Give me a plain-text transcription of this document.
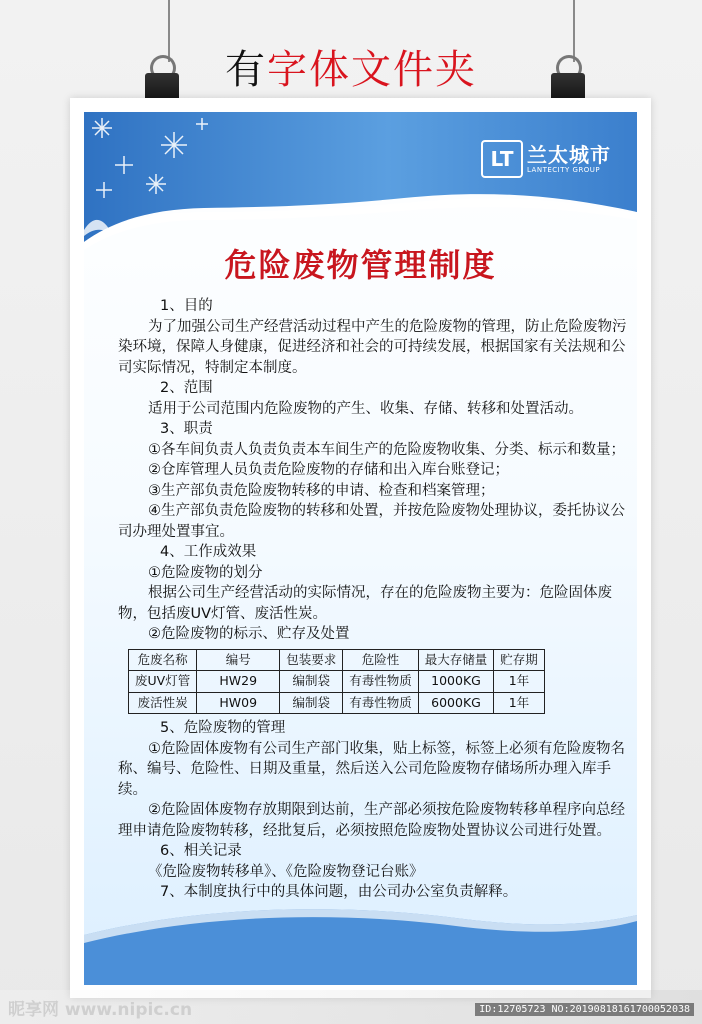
有字体文件夹
LT 兰太城市
LANTECITY GROUP
危险废物管理制度

1、目的

为了加强公司生产经营活动过程中产生的危险废物的管理，防止危险废物污染环境，保障人身健康，促进经济和社会的可持续发展，根据国家有关法规和公司实际情况，特制定本制度。

2、范围

适用于公司范围内危险废物的产生、收集、存储、转移和处置活动。

3、职责

①各车间负责人负责负责本车间生产的危险废物收集、分类、标示和数量；

②仓库管理人员负责危险废物的存储和出入库台账登记；

③生产部负责危险废物转移的申请、检查和档案管理；

④生产部负责危险废物的转移和处置，并按危险废物处理协议，委托协议公司办理处置事宜。

4、工作成效果

①危险废物的划分

根据公司生产经营活动的实际情况，存在的危险废物主要为：危险固体废物，包括废UV灯管、废活性炭。

②危险废物的标示、贮存及处置

危废名称	编号	包装要求	危险性	最大存储量	贮存期
废UV灯管	HW29	编制袋	有毒性物质	1000KG	1年
废活性炭	HW09	编制袋	有毒性物质	6000KG	1年

5、危险废物的管理

①危险固体废物有公司生产部门收集，贴上标签，标签上必须有危险废物名称、编号、危险性、日期及重量，然后送入公司危险废物存储场所办理入库手续。

②危险固体废物存放期限到达前，生产部必须按危险废物转移单程序向总经理申请危险废物转移，经批复后，必须按照危险废物处置协议公司进行处置。

6、相关记录

《危险废物转移单》、《危险废物登记台账》

7、本制度执行中的具体问题，由公司办公室负责解释。

昵享网 www.nipic.cn	ID:12705723 NO:20190818161700052038
